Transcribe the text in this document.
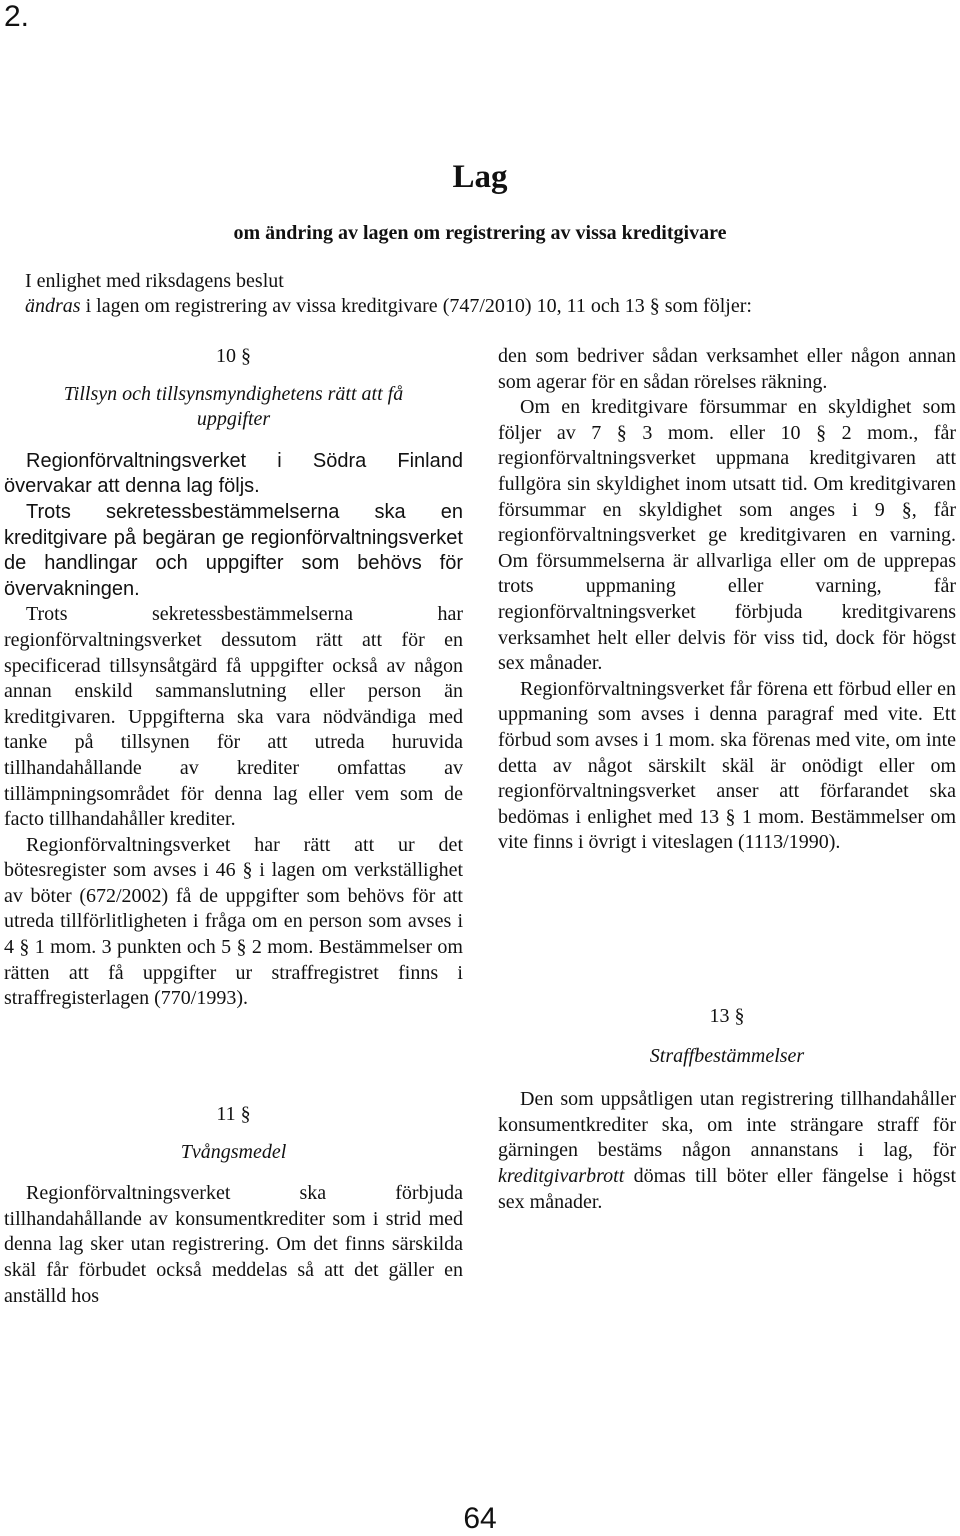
2.
Lag
om ändring av lagen om registrering av vissa kreditgivare
I enlighet med riksdagens beslut
ändras i lagen om registrering av vissa kreditgivare (747/2010) 10, 11 och 13 § som följer:

10 §

Tillsyn och tillsynsmyndighetens rätt att få uppgifter

Regionförvaltningsverket i Södra Finland övervakar att denna lag följs.

Trots sekretessbestämmelserna ska en kreditgivare på begäran ge regionförvaltningsverket de handlingar och uppgifter som behövs för övervakningen.

Trots sekretessbestämmelserna har regionförvaltningsverket dessutom rätt att för en specificerad tillsynsåtgärd få uppgifter också av någon annan enskild sammanslutning eller person än kreditgivaren. Uppgifterna ska vara nödvändiga med tanke på tillsynen för att utreda huruvida tillhandahållande av krediter omfattas av tillämpningsområdet för denna lag eller vem som de facto tillhandahåller krediter.

Regionförvaltningsverket har rätt att ur det bötesregister som avses i 46 § i lagen om verkställighet av böter (672/2002) få de uppgifter som behövs för att utreda tillförlitligheten i fråga om en person som avses i 4 § 1 mom. 3 punkten och 5 § 2 mom. Bestämmelser om rätten att få uppgifter ur straffregistret finns i straffregisterlagen (770/1993).

11 §

Tvångsmedel

Regionförvaltningsverket ska förbjuda tillhandahållande av konsumentkrediter som i strid med denna lag sker utan registrering. Om det finns särskilda skäl får förbudet också meddelas så att det gäller en anställd hos

den som bedriver sådan verksamhet eller någon annan som agerar för en sådan rörelses räkning.

Om en kreditgivare försummar en skyldighet som följer av 7 § 3 mom. eller 10 § 2 mom., får regionförvaltningsverket uppmana kreditgivaren att fullgöra sin skyldighet inom utsatt tid. Om kreditgivaren försummar en skyldighet som anges i 9 §, får regionförvaltningsverket ge kreditgivaren en varning. Om försummelserna är allvarliga eller om de upprepas trots uppmaning eller varning, får regionförvaltningsverket förbjuda kreditgivarens verksamhet helt eller delvis för viss tid, dock för högst sex månader.

Regionförvaltningsverket får förena ett förbud eller en uppmaning som avses i denna paragraf med vite. Ett förbud som avses i 1 mom. ska förenas med vite, om inte detta av något särskilt skäl är onödigt eller om regionförvaltningsverket anser att förfarandet ska bedömas i enlighet med 13 § 1 mom. Bestämmelser om vite finns i övrigt i viteslagen (1113/1990).

13 §

Straffbestämmelser

Den som uppsåtligen utan registrering tillhandahåller konsumentkrediter ska, om inte strängare straff för gärningen bestäms någon annanstans i lag, för kreditgivarbrott dömas till böter eller fängelse i högst sex månader.

64
